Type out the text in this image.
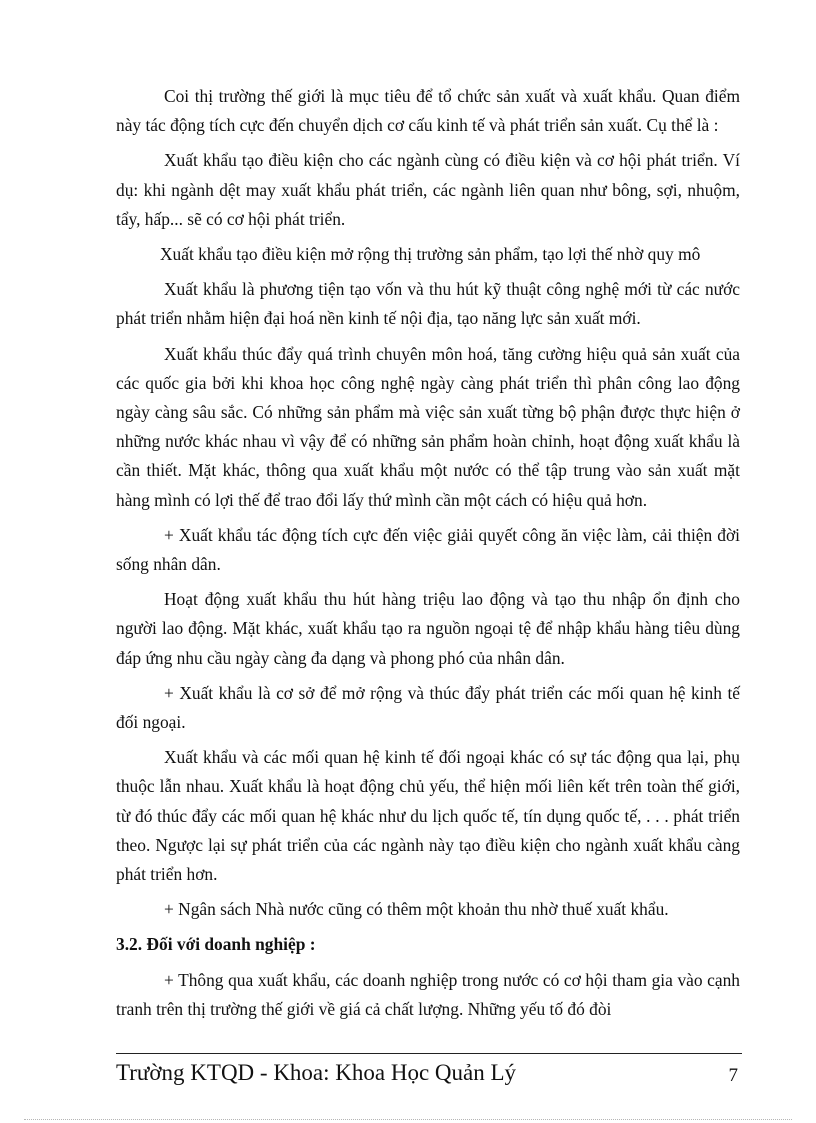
Coi thị trường thế giới là mục tiêu để tổ chức sản xuất và xuất khẩu. Quan điểm này tác động tích cực đến chuyển dịch cơ cấu kinh tế và phát triển sản xuất. Cụ thể là :

Xuất khẩu tạo điều kiện cho các ngành cùng có điều kiện và cơ hội phát triển. Ví dụ: khi ngành dệt may xuất khẩu phát triển, các ngành liên quan như bông, sợi, nhuộm, tẩy, hấp... sẽ có cơ hội phát triển.

Xuất khẩu tạo điều kiện mở rộng thị trường sản phẩm, tạo lợi thế nhờ quy mô

Xuất khẩu là phương tiện tạo vốn và thu hút kỹ thuật công nghệ mới từ các nước phát triển nhằm hiện đại hoá nền kinh tế nội địa, tạo năng lực sản xuất mới.

Xuất khẩu thúc đẩy quá trình chuyên môn hoá, tăng cường hiệu quả sản xuất của các quốc gia bởi khi khoa học công nghệ ngày càng phát triển thì phân công lao động ngày càng sâu sắc. Có những sản phẩm mà việc sản xuất từng bộ phận được thực hiện ở những nước khác nhau vì vậy để có những sản phẩm hoàn chỉnh, hoạt động xuất khẩu là cần thiết. Mặt khác, thông qua xuất khẩu một nước có thể tập trung vào sản xuất mặt hàng mình có lợi thế để trao đổi lấy thứ mình cần một cách có hiệu quả hơn.

+ Xuất khẩu tác động tích cực đến việc giải quyết công ăn việc làm, cải thiện đời sống nhân dân.

Hoạt động xuất khẩu thu hút hàng triệu lao động và tạo thu nhập ổn định cho người lao động. Mặt khác, xuất khẩu tạo ra nguồn ngoại tệ để nhập khẩu hàng tiêu dùng đáp ứng nhu cầu ngày càng đa dạng và phong phó của nhân dân.

+ Xuất khẩu là cơ sở để mở rộng và thúc đẩy phát triển các mối quan hệ kinh tế đối ngoại.

Xuất khẩu và các mối quan hệ kinh tế đối ngoại khác có sự tác động qua lại, phụ thuộc lẫn nhau. Xuất khẩu là hoạt động chủ yếu, thể hiện mối liên kết trên toàn thế giới, từ đó thúc đẩy các mối quan hệ khác như du lịch quốc tế, tín dụng quốc tế, . . . phát triển theo. Ngược lại sự phát triển của các ngành này tạo điều kiện cho ngành xuất khẩu càng phát triển hơn.

+ Ngân sách Nhà nước cũng có thêm một khoản thu nhờ thuế xuất khẩu.

3.2. Đối với doanh nghiệp :

+ Thông qua xuất khẩu, các doanh nghiệp trong nước có cơ hội tham gia vào cạnh tranh trên thị trường thế giới về giá cả chất lượng. Những yếu tố đó đòi

Trường KTQD - Khoa: Khoa Học Quản Lý	7
